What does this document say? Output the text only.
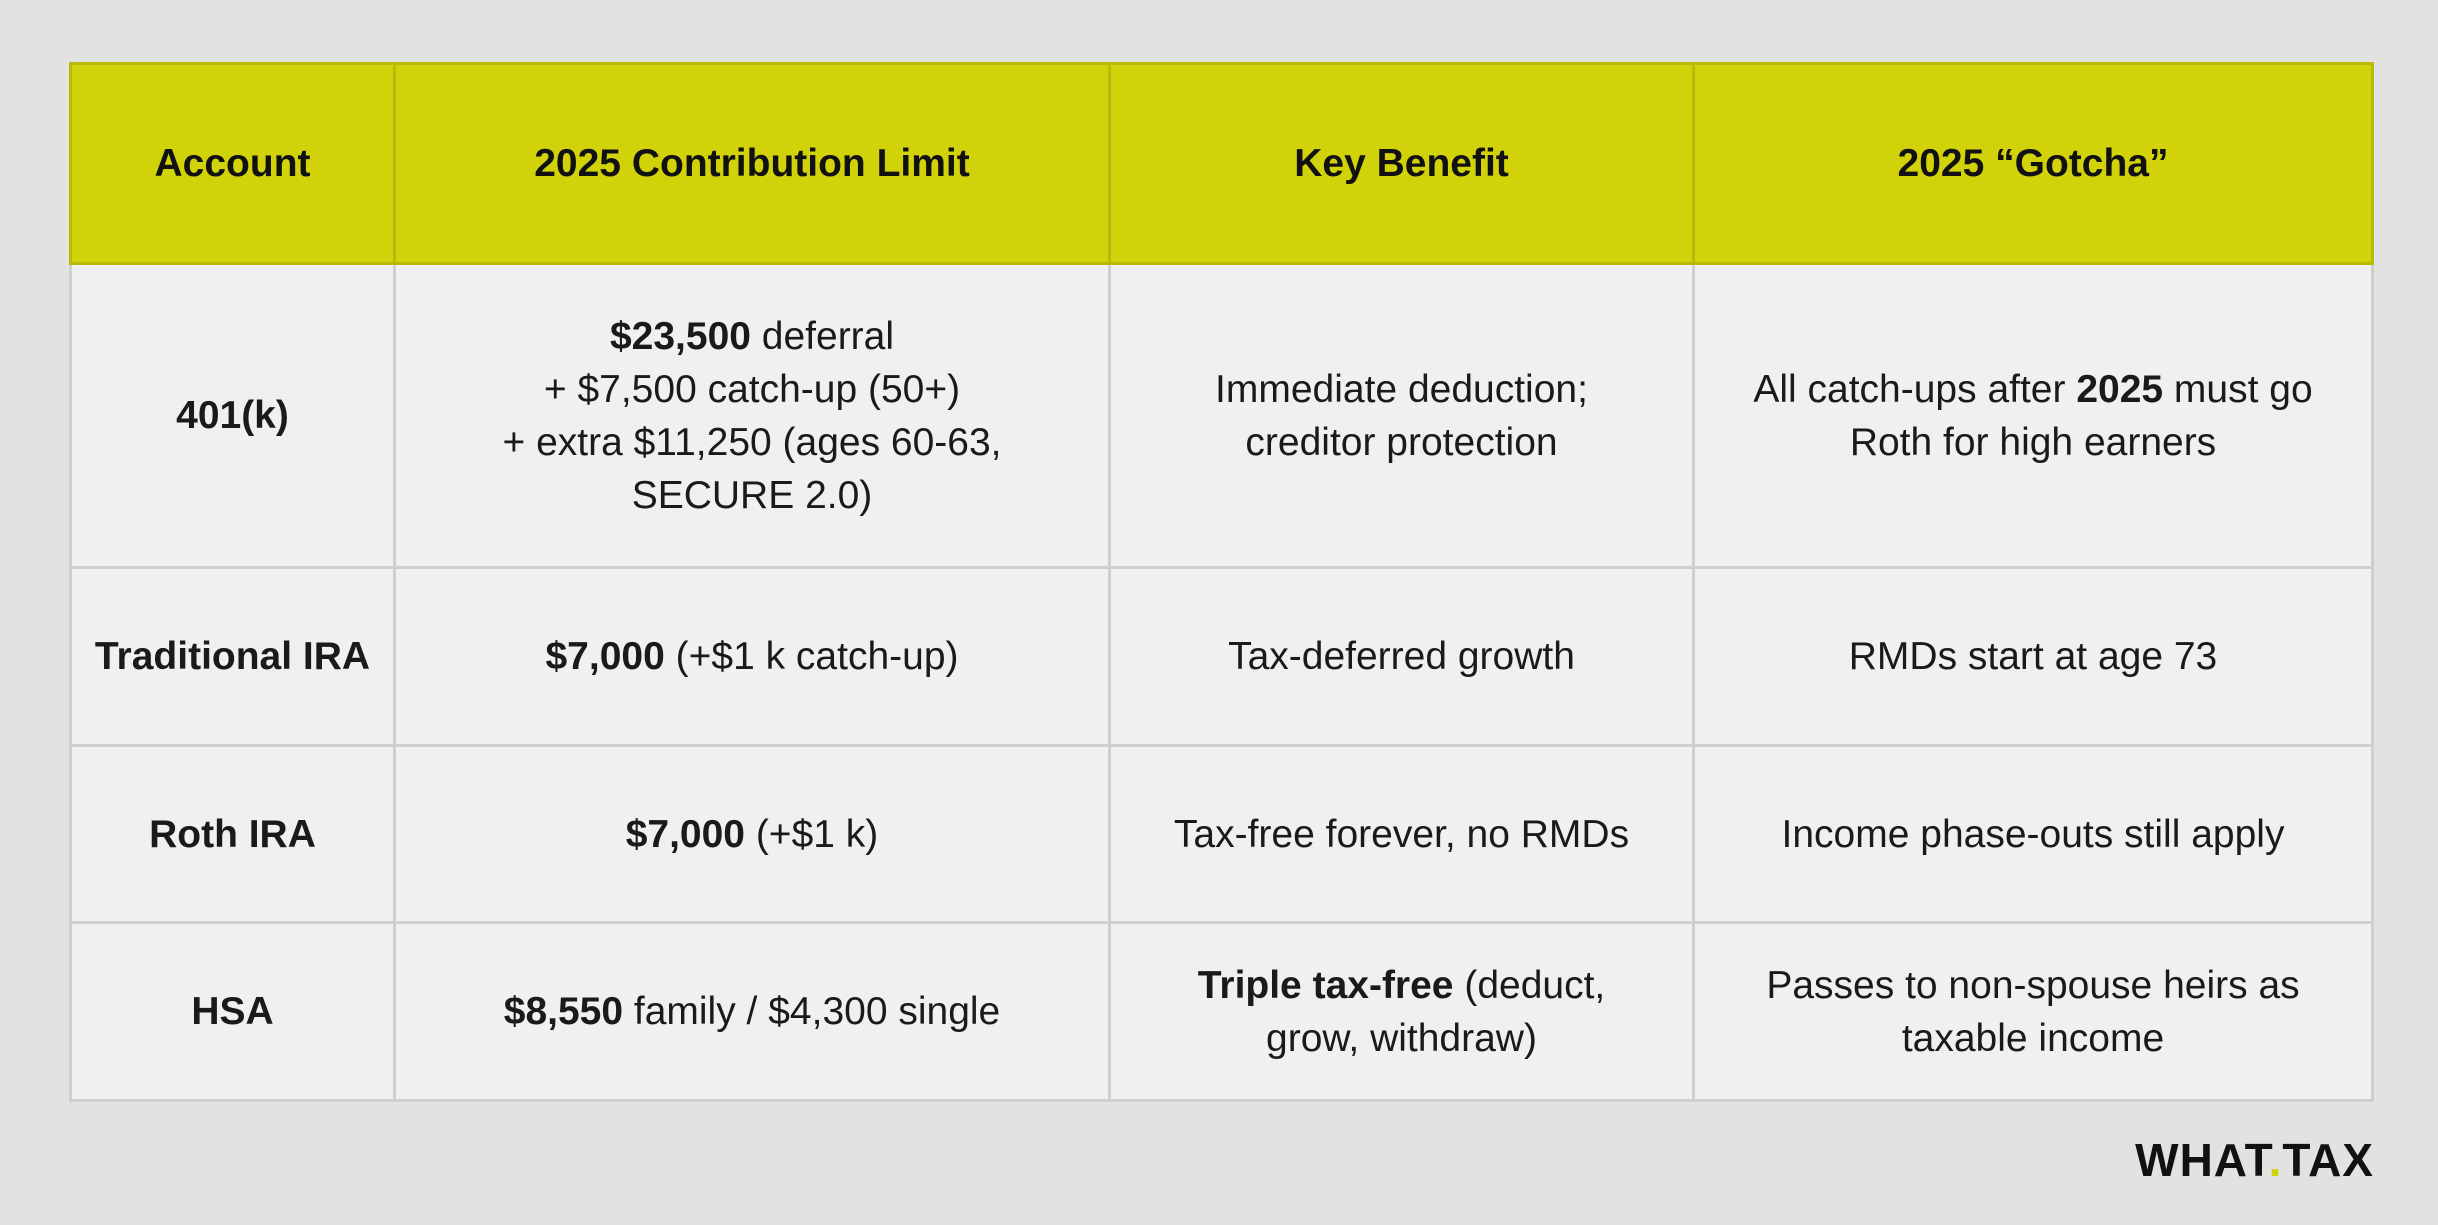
Account	2025 Contribution Limit	Key Benefit	2025 “Gotcha”
401(k)	$23,500 deferral
+ $7,500 catch-up (50+)
+ extra $11,250 (ages 60-63,
SECURE 2.0)	Immediate deduction;
creditor protection	All catch-ups after 2025 must go
Roth for high earners

Traditional IRA	$7,000 (+$1 k catch-up)	Tax-deferred growth	RMDs start at age 73
Roth IRA	$7,000 (+$1 k)	Tax-free forever, no RMDs	Income phase-outs still apply
HSA	$8,550 family / $4,300 single	Triple tax-free (deduct,
grow, withdraw)	Passes to non-spouse heirs as
taxable income
WHAT.TAX
